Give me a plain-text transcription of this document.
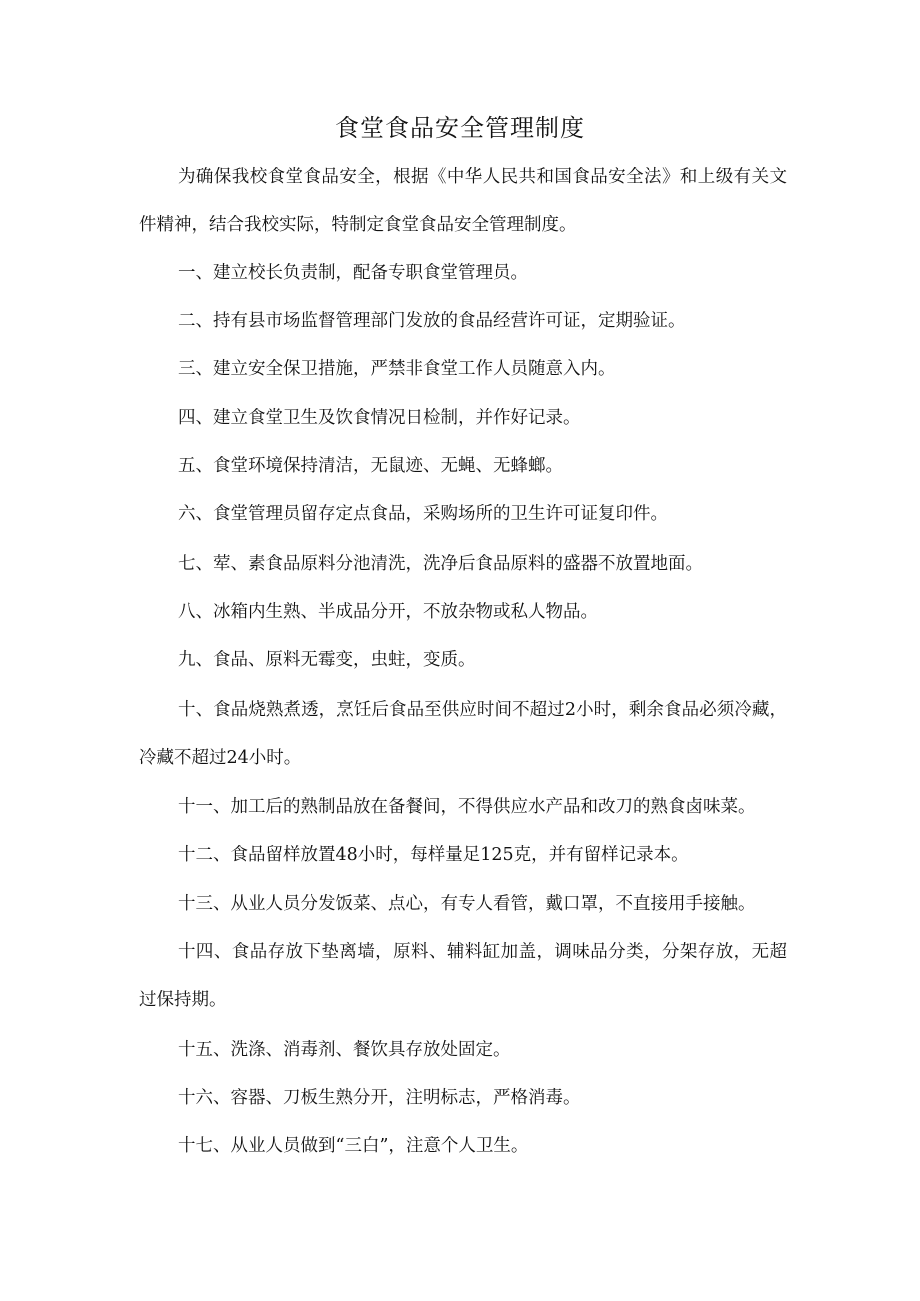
食堂食品安全管理制度
为确保我校食堂食品安全，根据《中华人民共和国食品安全法》和上级有关文件精神，结合我校实际，特制定食堂食品安全管理制度。
一、建立校长负责制，配备专职食堂管理员。
二、持有县市场监督管理部门发放的食品经营许可证，定期验证。
三、建立安全保卫措施，严禁非食堂工作人员随意入内。
四、建立食堂卫生及饮食情况日检制，并作好记录。
五、食堂环境保持清洁，无鼠迹、无蝇、无蜂螂。
六、食堂管理员留存定点食品，采购场所的卫生许可证复印件。
七、荤、素食品原料分池清洗，洗净后食品原料的盛器不放置地面。
八、冰箱内生熟、半成品分开，不放杂物或私人物品。
九、食品、原料无霉变，虫蛀，变质。
十、食品烧熟煮透，烹饪后食品至供应时间不超过2小时，剩余食品必须冷藏，冷藏不超过24小时。
十一、加工后的熟制品放在备餐间，不得供应水产品和改刀的熟食卤味菜。
十二、食品留样放置48小时，每样量足125克，并有留样记录本。
十三、从业人员分发饭菜、点心，有专人看管，戴口罩，不直接用手接触。
十四、食品存放下垫离墙，原料、辅料缸加盖，调味品分类，分架存放，无超过保持期。
十五、洗涤、消毒剂、餐饮具存放处固定。
十六、容器、刀板生熟分开，注明标志，严格消毒。
十七、从业人员做到“三白”，注意个人卫生。
